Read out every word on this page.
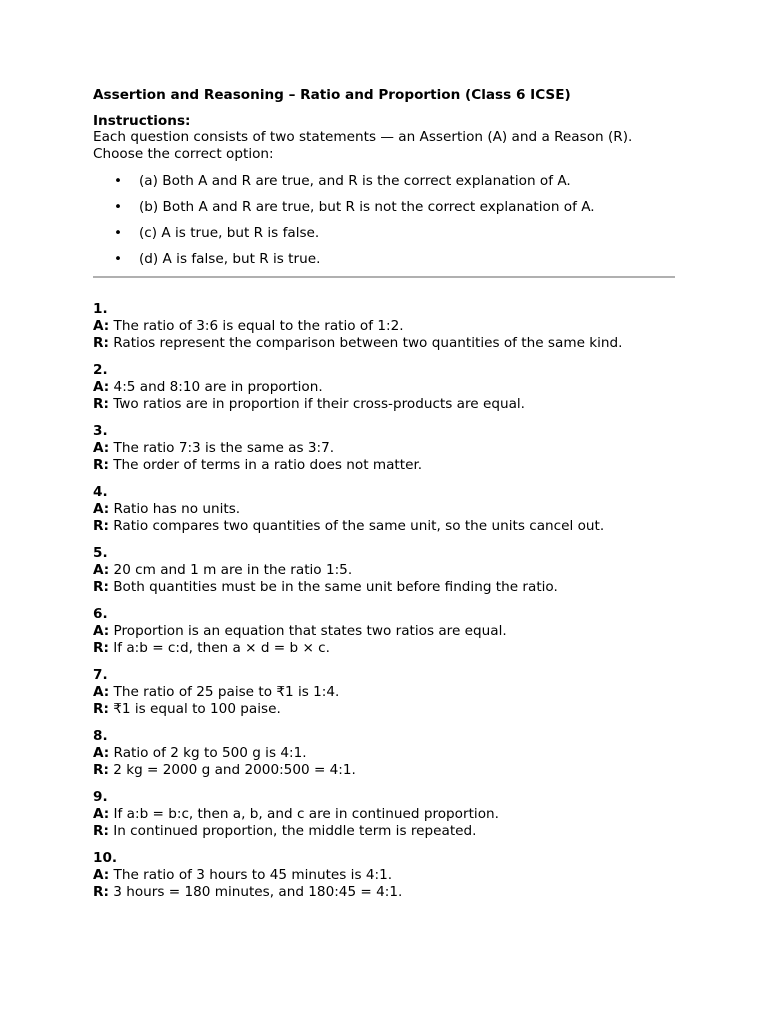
Assertion and Reasoning – Ratio and Proportion (Class 6 ICSE)
Instructions:
Each question consists of two statements — an Assertion (A) and a Reason (R).
Choose the correct option:
• (a) Both A and R are true, and R is the correct explanation of A.
• (b) Both A and R are true, but R is not the correct explanation of A.
• (c) A is true, but R is false.
• (d) A is false, but R is true.
1.
A: The ratio of 3:6 is equal to the ratio of 1:2.
R: Ratios represent the comparison between two quantities of the same kind.
2.
A: 4:5 and 8:10 are in proportion.
R: Two ratios are in proportion if their cross-products are equal.
3.
A: The ratio 7:3 is the same as 3:7.
R: The order of terms in a ratio does not matter.
4.
A: Ratio has no units.
R: Ratio compares two quantities of the same unit, so the units cancel out.
5.
A: 20 cm and 1 m are in the ratio 1:5.
R: Both quantities must be in the same unit before finding the ratio.
6.
A: Proportion is an equation that states two ratios are equal.
R: If a:b = c:d, then a × d = b × c.
7.
A: The ratio of 25 paise to ₹1 is 1:4.
R: ₹1 is equal to 100 paise.
8.
A: Ratio of 2 kg to 500 g is 4:1.
R: 2 kg = 2000 g and 2000:500 = 4:1.
9.
A: If a:b = b:c, then a, b, and c are in continued proportion.
R: In continued proportion, the middle term is repeated.
10.
A: The ratio of 3 hours to 45 minutes is 4:1.
R: 3 hours = 180 minutes, and 180:45 = 4:1.
